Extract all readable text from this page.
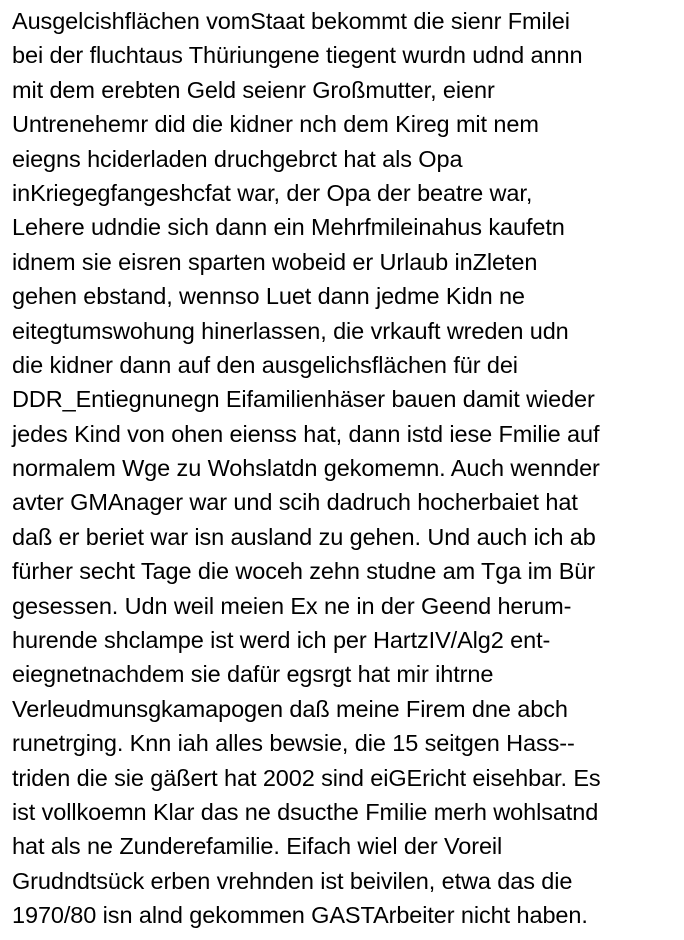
Ausgelcishflächen vomStaat bekommt die sienr Fmilei
bei der fluchtaus Thüriungene tiegent wurdn udnd annn
mit dem erebten Geld seienr Großmutter, eienr
Untrenehemr did die kidner nch dem Kireg mit nem
eiegns hciderladen druchgebrct hat als Opa
inKriegegfangeshcfat war, der Opa der beatre war,
Lehere udndie sich dann ein Mehrfmileinahus kaufetn
idnem sie eisren sparten wobeid er Urlaub inZleten
gehen ebstand, wennso Luet dann jedme Kidn ne
eitegtumswohung hinerlassen, die vrkauft wreden udn
die kidner dann auf den ausgelichsflächen für dei
DDR_Entiegnunegn Eifamilienhäser bauen damit wieder
jedes Kind von ohen eienss hat, dann istd iese Fmilie auf
normalem Wge zu Wohslatdn gekomemn. Auch wennder
avter GMAnager war und scih dadruch hocherbaiet hat
daß er beriet war isn ausland zu gehen. Und auch ich ab
fürher secht Tage die woceh zehn studne am Tga im Bür
gesessen. Udn weil meien Ex ne in der Geend herum-
hurende shclampe ist werd ich per HartzIV/Alg2 ent-
eiegnetnachdem sie dafür egsrgt hat mir ihtrne
Verleudmunsgkamapogen daß meine Firem dne abch
runetrging. Knn iah alles bewsie, die 15 seitgen Hass--
triden die sie gäßert hat 2002 sind eiGEricht eisehbar. Es
ist vollkoemn Klar das ne dsucthe Fmilie merh wohlsatnd
hat als ne Zunderefamilie. Eifach wiel der Voreil
Grudndtsück erben vrehnden ist beivilen, etwa das die
1970/80 isn alnd gekommen GASTArbeiter nicht haben.
